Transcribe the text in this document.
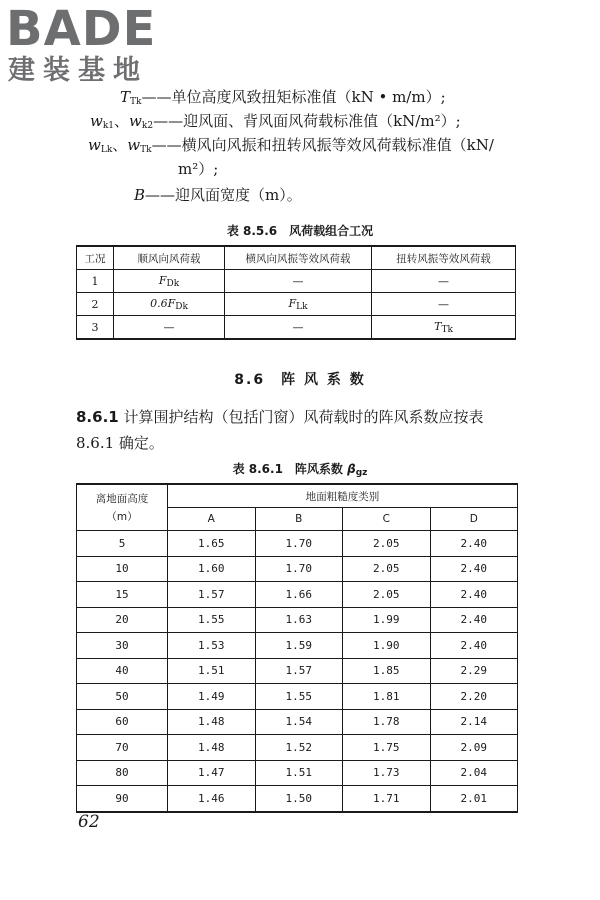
BADE
建装基地
$T_{Tk}——$单位高度风致扭矩标准值（kN • m/m）;
$w_{k1}$、$w_{k2}——$迎风面、背风面风荷载标准值（kN/m²）;
$w_{Lk}$、$w_{Tk}——$横风向风振和扭转风振等效风荷载标准值（kN/
m²）;
B——迎风面宽度（m）。
表 8.5.6　风荷载组合工况
工况	顺风向风荷载	横风向风振等效风荷载	扭转风振等效风荷载
1	$F_{Dk}$	—	—
2	$0.6F_{Dk}$	$F_{Lk}$	—
3	—	—	$T_{Tk}$
8.6　阵 风 系 数
8.6.1 计算围护结构（包括门窗）风荷载时的阵风系数应按表 8.6.1 确定。
表 8.6.1　阵风系数 $\beta_{gz}$
离地面高度
（m）	地面粗糙度类别			
	A	B	C	D
5	1.65	1.70	2.05	2.40
10	1.60	1.70	2.05	2.40
15	1.57	1.66	2.05	2.40
20	1.55	1.63	1.99	2.40
30	1.53	1.59	1.90	2.40
40	1.51	1.57	1.85	2.29
50	1.49	1.55	1.81	2.20
60	1.48	1.54	1.78	2.14
70	1.48	1.52	1.75	2.09
80	1.47	1.51	1.73	2.04
90	1.46	1.50	1.71	2.01
62
